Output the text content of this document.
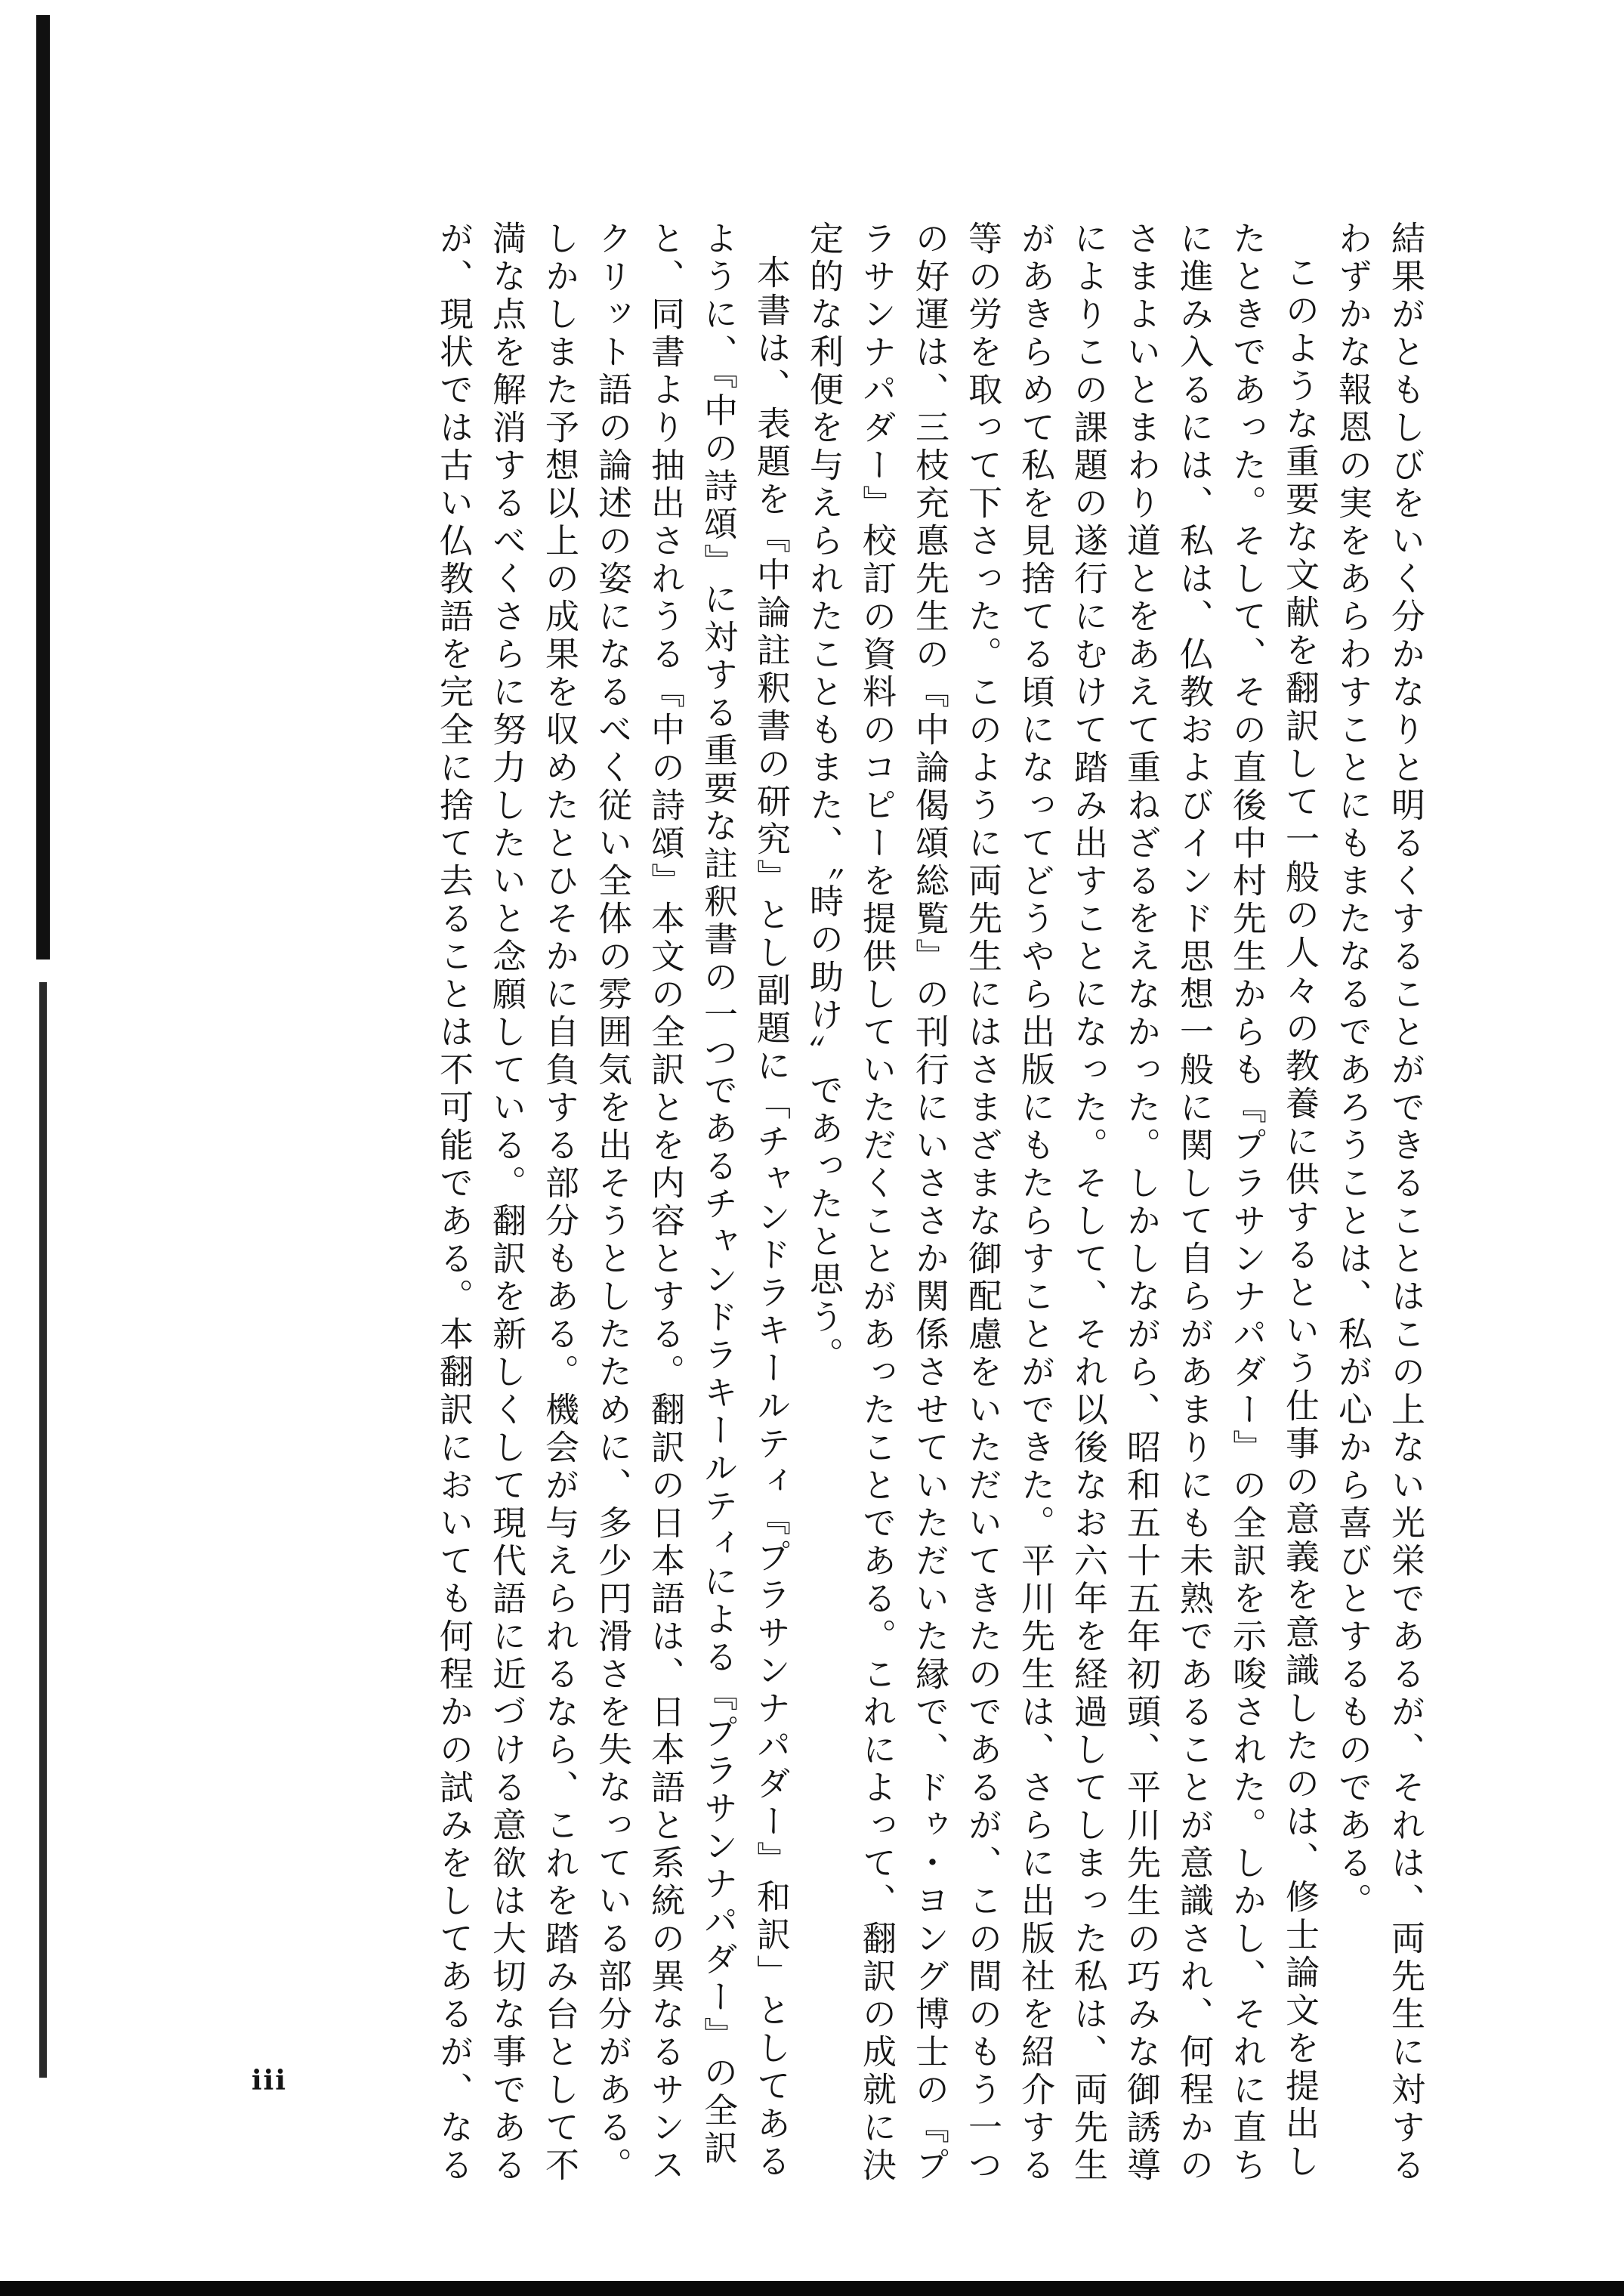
結果がともしびをいく分かなりと明るくすることができることはこの上ない光栄であるが、それは、両先生に対する
わずかな報恩の実をあらわすことにもまたなるであろうことは、私が心から喜びとするものである。
このような重要な文献を翻訳して一般の人々の教養に供するという仕事の意義を意識したのは、修士論文を提出し
たときであった。そして、その直後中村先生からも『プラサンナパダー』の全訳を示唆された。しかし、それに直ち
に進み入るには、私は、仏教およびインド思想一般に関して自らがあまりにも未熟であることが意識され、何程かの
さまよいとまわり道とをあえて重ねざるをえなかった。しかしながら、昭和五十五年初頭、平川先生の巧みな御誘導
によりこの課題の遂行にむけて踏み出すことになった。そして、それ以後なお六年を経過してしまった私は、両先生
があきらめて私を見捨てる頃になってどうやら出版にもたらすことができた。平川先生は、さらに出版社を紹介する
等の労を取って下さった。このように両先生にはさまざまな御配慮をいただいてきたのであるが、この間のもう一つ
の好運は、三枝充悳先生の『中論偈頌総覧』の刊行にいささか関係させていただいた縁で、ドゥ・ヨング博士の『プ
ラサンナパダー』校訂の資料のコピーを提供していただくことがあったことである。これによって、翻訳の成就に決
定的な利便を与えられたこともまた、〝時の助け〟であったと思う。
本書は、表題を『中論註釈書の研究』とし副題に「チャンドラキールティ『プラサンナパダー』和訳」としてある
ように、『中の詩頌』に対する重要な註釈書の一つであるチャンドラキールティによる『プラサンナパダー』の全訳
と、同書より抽出されうる『中の詩頌』本文の全訳とを内容とする。翻訳の日本語は、日本語と系統の異なるサンス
クリット語の論述の姿になるべく従い全体の雰囲気を出そうとしたために、多少円滑さを失なっている部分がある。
しかしまた予想以上の成果を収めたとひそかに自負する部分もある。機会が与えられるなら、これを踏み台として不
満な点を解消するべくさらに努力したいと念願している。翻訳を新しくして現代語に近づける意欲は大切な事である
が、現状では古い仏教語を完全に捨て去ることは不可能である。本翻訳においても何程かの試みをしてあるが、なる
iii
